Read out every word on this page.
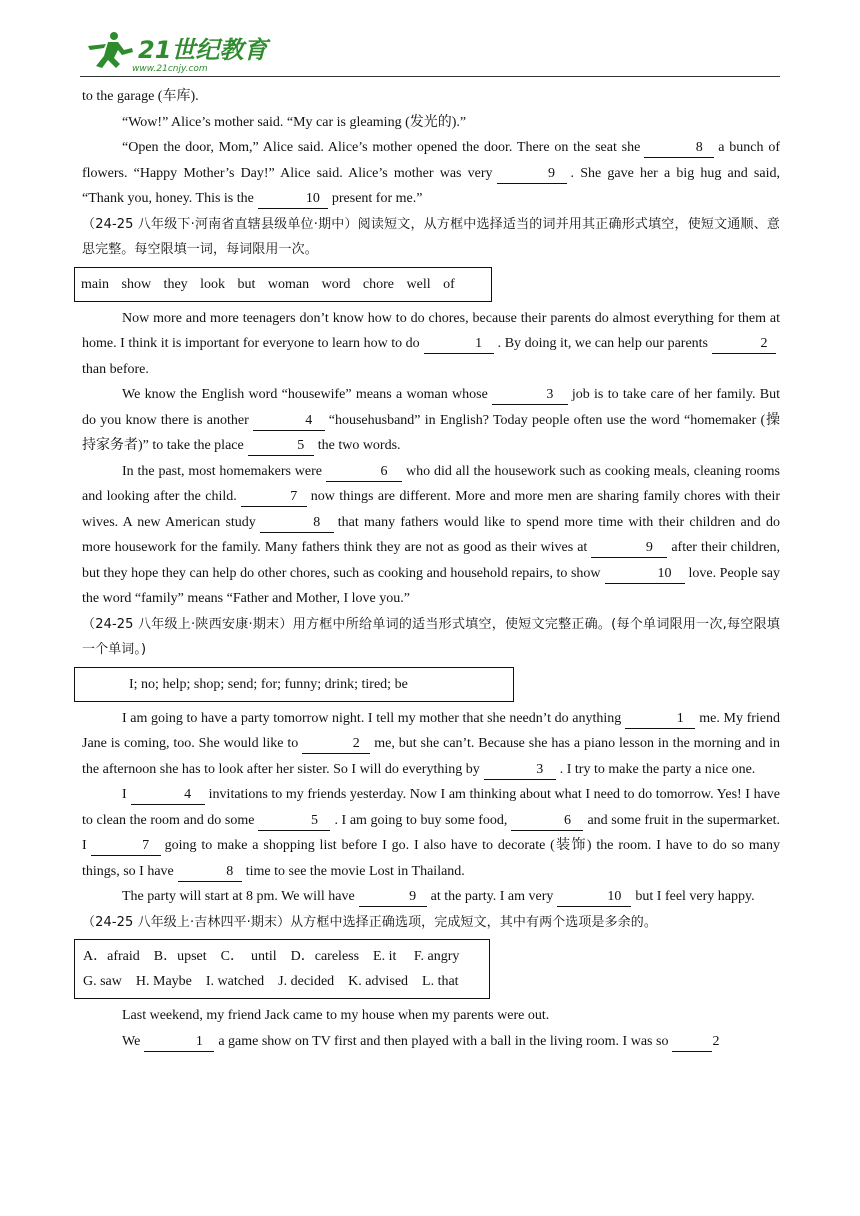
21世纪教育
www.21cnjy.com

to the garage (车库).

“Wow!” Alice’s mother said. “My car is gleaming (发光的).”

“Open the door, Mom,” Alice said. Alice’s mother opened the door. There on the seat she	8 a bunch of flowers. “Happy Mother’s Day!” Alice said. Alice’s mother was very	9 . She gave her a big hug and said, “Thank you, honey. This is the	10 present for me.”

（24-25 八年级下·河南省直辖县级单位·期中）阅读短文，从方框中选择适当的词并用其正确形式填空，使短文通顺、意思完整。每空限填一词，每词限用一次。

main show they look but woman word chore well of

Now more and more teenagers don’t know how to do chores, because their parents do almost everything for them at home. I think it is important for everyone to learn how to do	1 . By doing it, we can help our parents	2than before.

We know the English word “housewife” means a woman whose	3 job is to take care of her family. But do you know there is another	4 “househusband” in English? Today people often use the word “homemaker (操持家务者)” to take the place	5 the two words.

In the past, most homemakers were	6 who did all the housework such as cooking meals, cleaning rooms and looking after the child.	7 now things are different. More and more men are sharing family chores with their wives. A new American study	8 that many fathers would like to spend more time with their children and do more housework for the family. Many fathers think they are not as good as their wives at	9 after their children, but they hope they can help do other chores, such as cooking and household repairs, to show	10 love. People say the word “family” means “Father and Mother, I love you.”

（24-25 八年级上·陕西安康·期末）用方框中所给单词的适当形式填空，使短文完整正确。(每个单词限用一次,每空限填一个单词。)

I; no; help; shop; send; for; funny; drink; tired; be

I am going to have a party tomorrow night. I tell my mother that she needn’t do anything	1 me. My friend Jane is coming, too. She would like to	2 me, but she can’t. Because she has a piano lesson in the morning and in the afternoon she has to look after her sister. So I will do everything by	3 . I try to make the party a nice one.

I	4 invitations to my friends yesterday. Now I am thinking about what I need to do tomorrow. Yes! I have to clean the room and do some	5 . I am going to buy some food,	6 and some fruit in the supermarket. I	7 going to make a shopping list before I go. I also have to decorate (装饰) the room. I have to do so many things, so I have	8 time to see the movie Lost in Thailand.

The party will start at 8 pm. We will have	9 at the party. I am very	10 but I feel very happy.

（24-25 八年级上·吉林四平·期末）从方框中选择正确选项，完成短文，其中有两个选项是多余的。

A．afraid    B．upset    C．  until    D．careless    E. it     F. angry
G. saw    H. Maybe    I. watched    J. decided    K. advised    L. that

Last weekend, my friend Jack came to my house when my parents were out.

We	1 a game show on TV first and then played with a ball in the living room. I was so	2
